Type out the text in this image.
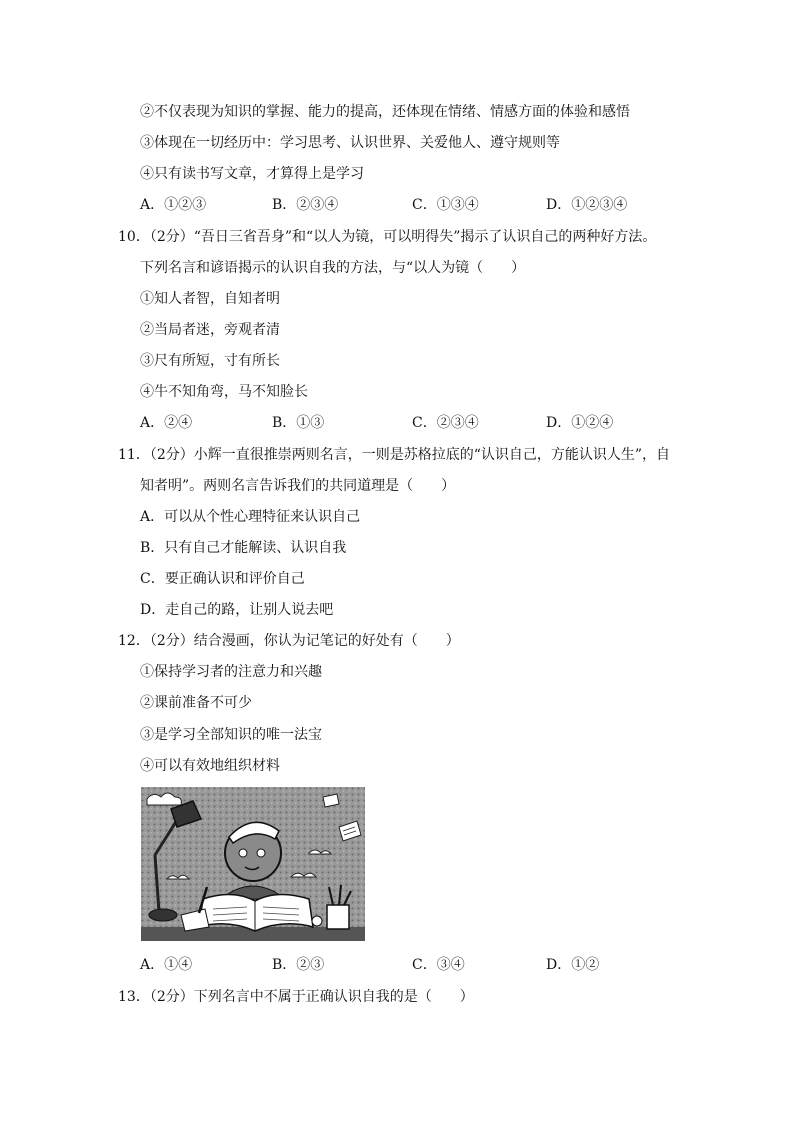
②不仅表现为知识的掌握、能力的提高，还体现在情绪、情感方面的体验和感悟
③体现在一切经历中：学习思考、认识世界、关爱他人、遵守规则等
④只有读书写文章，才算得上是学习
A．①②③	B．②③④	C．①③④	D．①②③④
10．（2分）“吾日三省吾身”和“以人为镜，可以明得失”揭示了认识自己的两种好方法。
下列名言和谚语揭示的认识自我的方法，与“以人为镜（　　）
①知人者智，自知者明
②当局者迷，旁观者清
③尺有所短，寸有所长
④牛不知角弯，马不知脸长
A．②④	B．①③	C．②③④	D．①②④
11．（2分）小辉一直很推崇两则名言，一则是苏格拉底的“认识自己，方能认识人生”，自
知者明”。两则名言告诉我们的共同道理是（　　）
A．可以从个性心理特征来认识自己
B．只有自己才能解读、认识自我
C．要正确认识和评价自己
D．走自己的路，让别人说去吧
12．（2分）结合漫画，你认为记笔记的好处有（　　）
①保持学习者的注意力和兴趣
②课前准备不可少
③是学习全部知识的唯一法宝
④可以有效地组织材料
A．①④	B．②③	C．③④	D．①②
13．（2分）下列名言中不属于正确认识自我的是（　　）
